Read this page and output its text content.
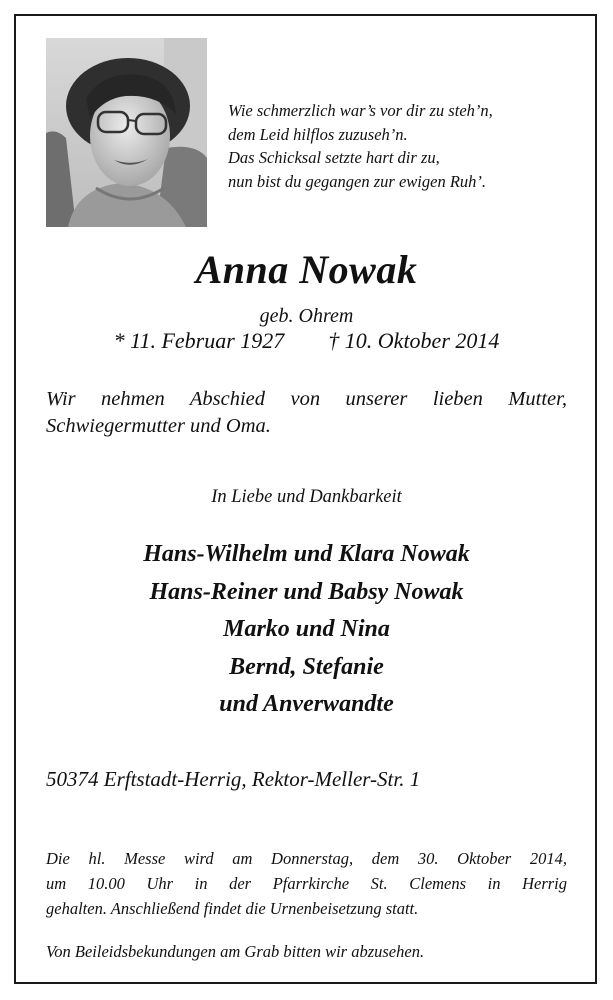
Wie schmerzlich war’s vor dir zu steh’n,
dem Leid hilflos zuzuseh’n.
Das Schicksal setzte hart dir zu,
nun bist du gegangen zur ewigen Ruh’.
Anna Nowak
geb. Ohrem
* 11. Februar 1927 † 10. Oktober 2014
Wir nehmen Abschied von unserer lieben Mutter,
Schwiegermutter und Oma.
In Liebe und Dankbarkeit
Hans-Wilhelm und Klara Nowak
Hans-Reiner und Babsy Nowak
Marko und Nina
Bernd, Stefanie
und Anverwandte
50374 Erftstadt-Herrig, Rektor-Meller-Str. 1
Die hl. Messe wird am Donnerstag, dem 30. Oktober 2014,
um 10.00 Uhr in der Pfarrkirche St. Clemens in Herrig
gehalten. Anschließend findet die Urnenbeisetzung statt.
Von Beileidsbekundungen am Grab bitten wir abzusehen.
